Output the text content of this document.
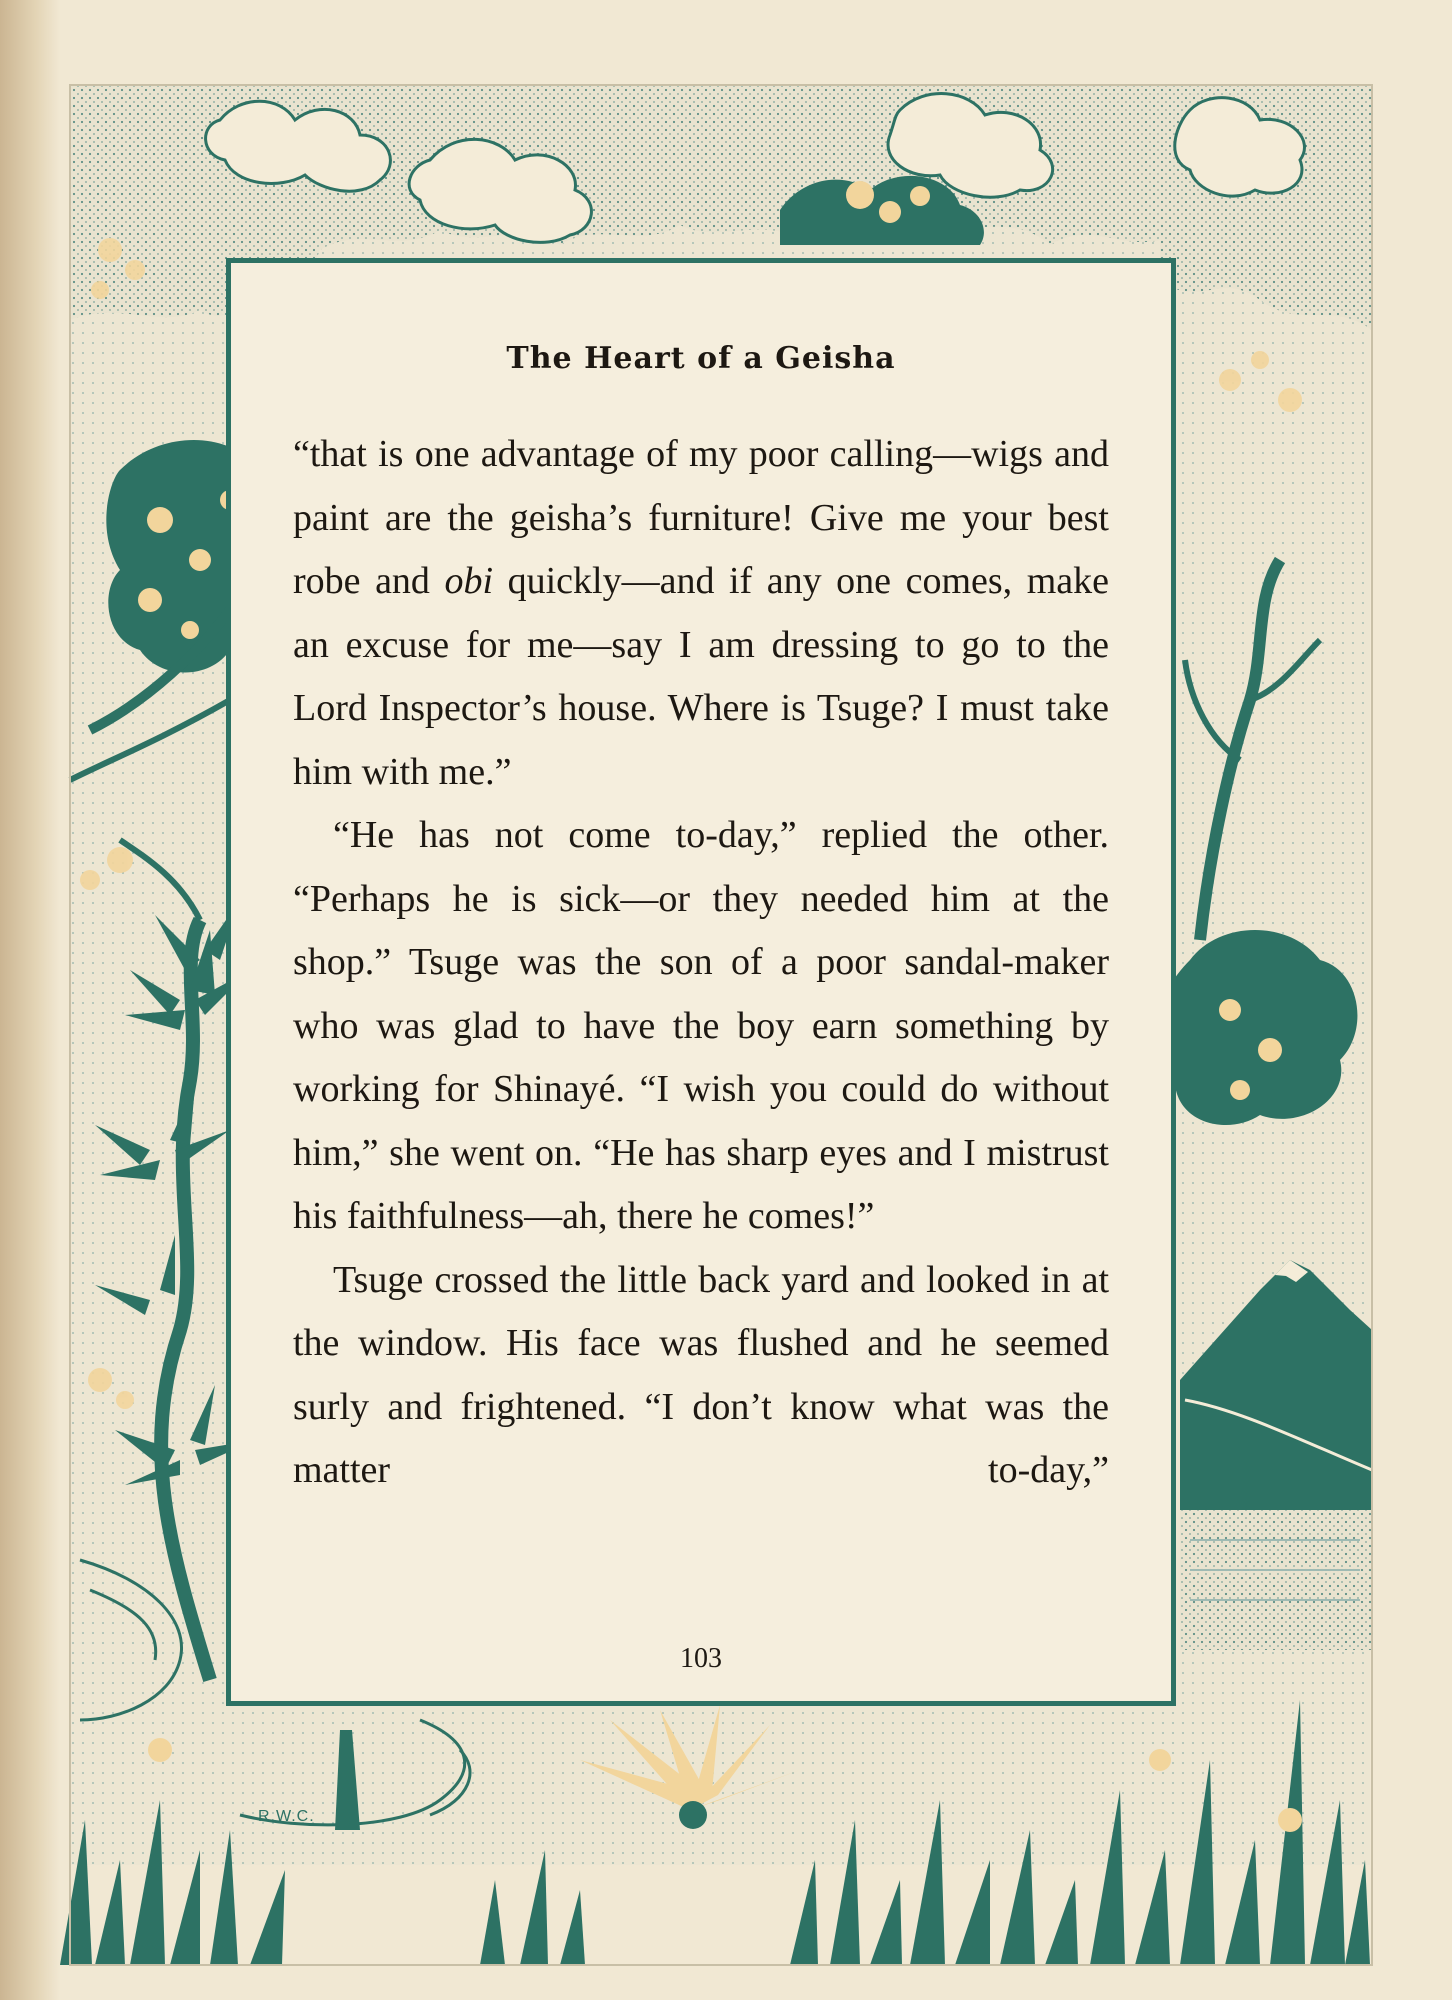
R.W.C.
The Heart of a Geisha

“that is one advantage of my poor calling—wigs and paint are the geisha’s furniture! Give me your best robe and obi quickly—and if any one comes, make an excuse for me—say I am dressing to go to the Lord Inspector’s house. Where is Tsuge? I must take him with me.”

“He has not come to-day,” replied the other. “Perhaps he is sick—or they needed him at the shop.” Tsuge was the son of a poor sandal-maker who was glad to have the boy earn something by working for Shinayé. “I wish you could do without him,” she went on. “He has sharp eyes and I mistrust his faithfulness—ah, there he comes!”

Tsuge crossed the little back yard and looked in at the window. His face was flushed and he seemed surly and frightened. “I don’t know what was the matter to-day,”

103
